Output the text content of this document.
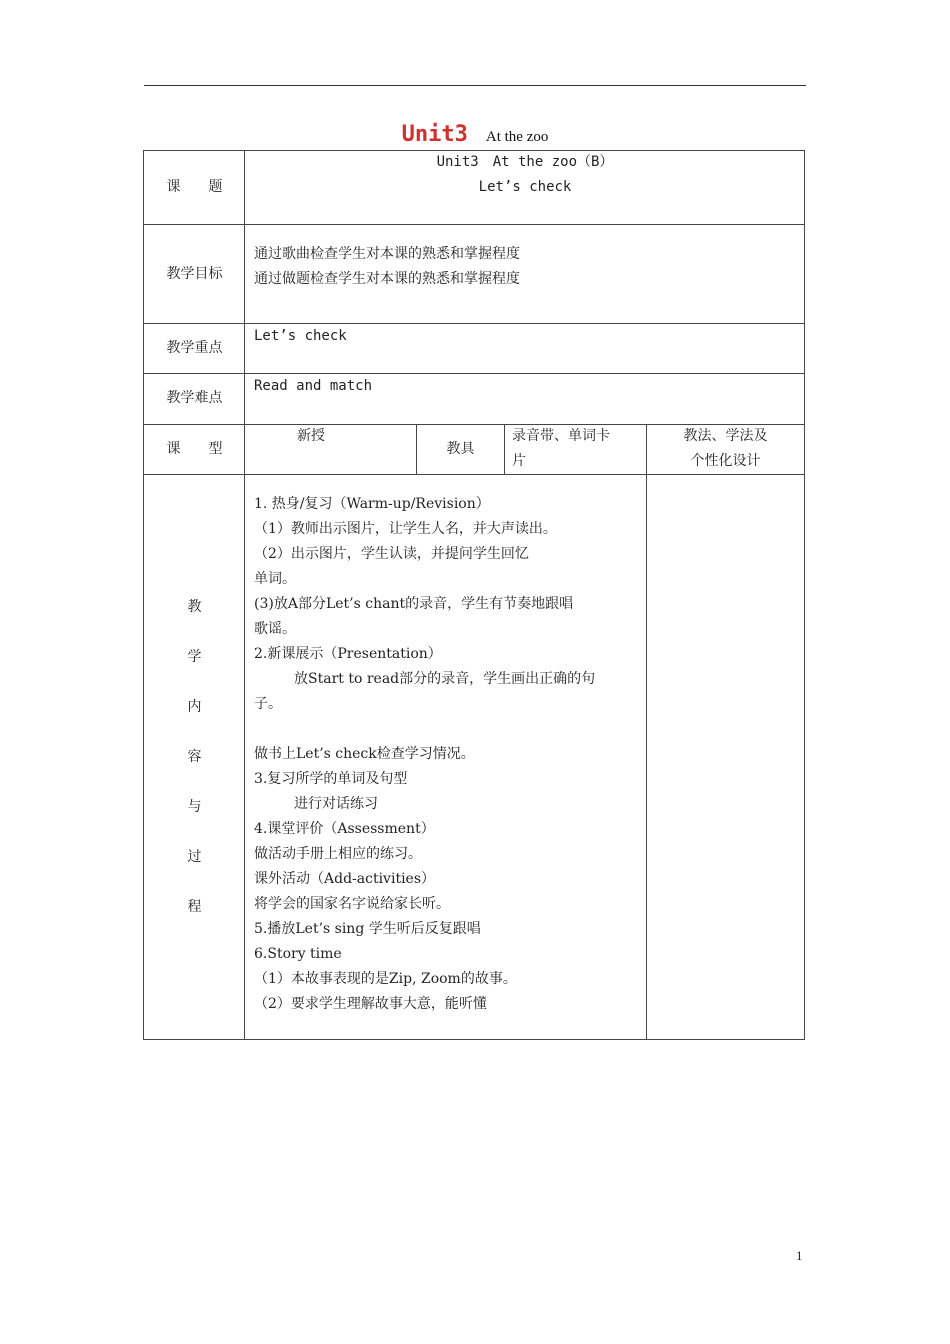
Unit3 At the zoo
课　　题
Unit3　At the zoo（B）
Let’s check
教学目标
通过歌曲检查学生对本课的熟悉和掌握程度
通过做题检查学生对本课的熟悉和掌握程度
教学重点
Let’s check
教学难点
Read and match
课　　型
新授
教具
录音带、单词卡
片
教法、学法及
个性化设计
教
学
内
容
与
过
程

1. 热身/复习（Warm-up/Revision）

（1）教师出示图片，让学生人名，并大声读出。

（2）出示图片，学生认读，并提问学生回忆

单词。

(3)放A部分Let’s chant的录音，学生有节奏地跟唱

歌谣。

2.新课展示（Presentation）

放Start to read部分的录音，学生画出正确的句

子。

做书上Let’s check检查学习情况。

3.复习所学的单词及句型

进行对话练习

4.课堂评价（Assessment）

做活动手册上相应的练习。

课外活动（Add-activities）

将学会的国家名字说给家长听。

5.播放Let’s sing 学生听后反复跟唱

6.Story time

（1）本故事表现的是Zip, Zoom的故事。

（2）要求学生理解故事大意，能听懂

1
